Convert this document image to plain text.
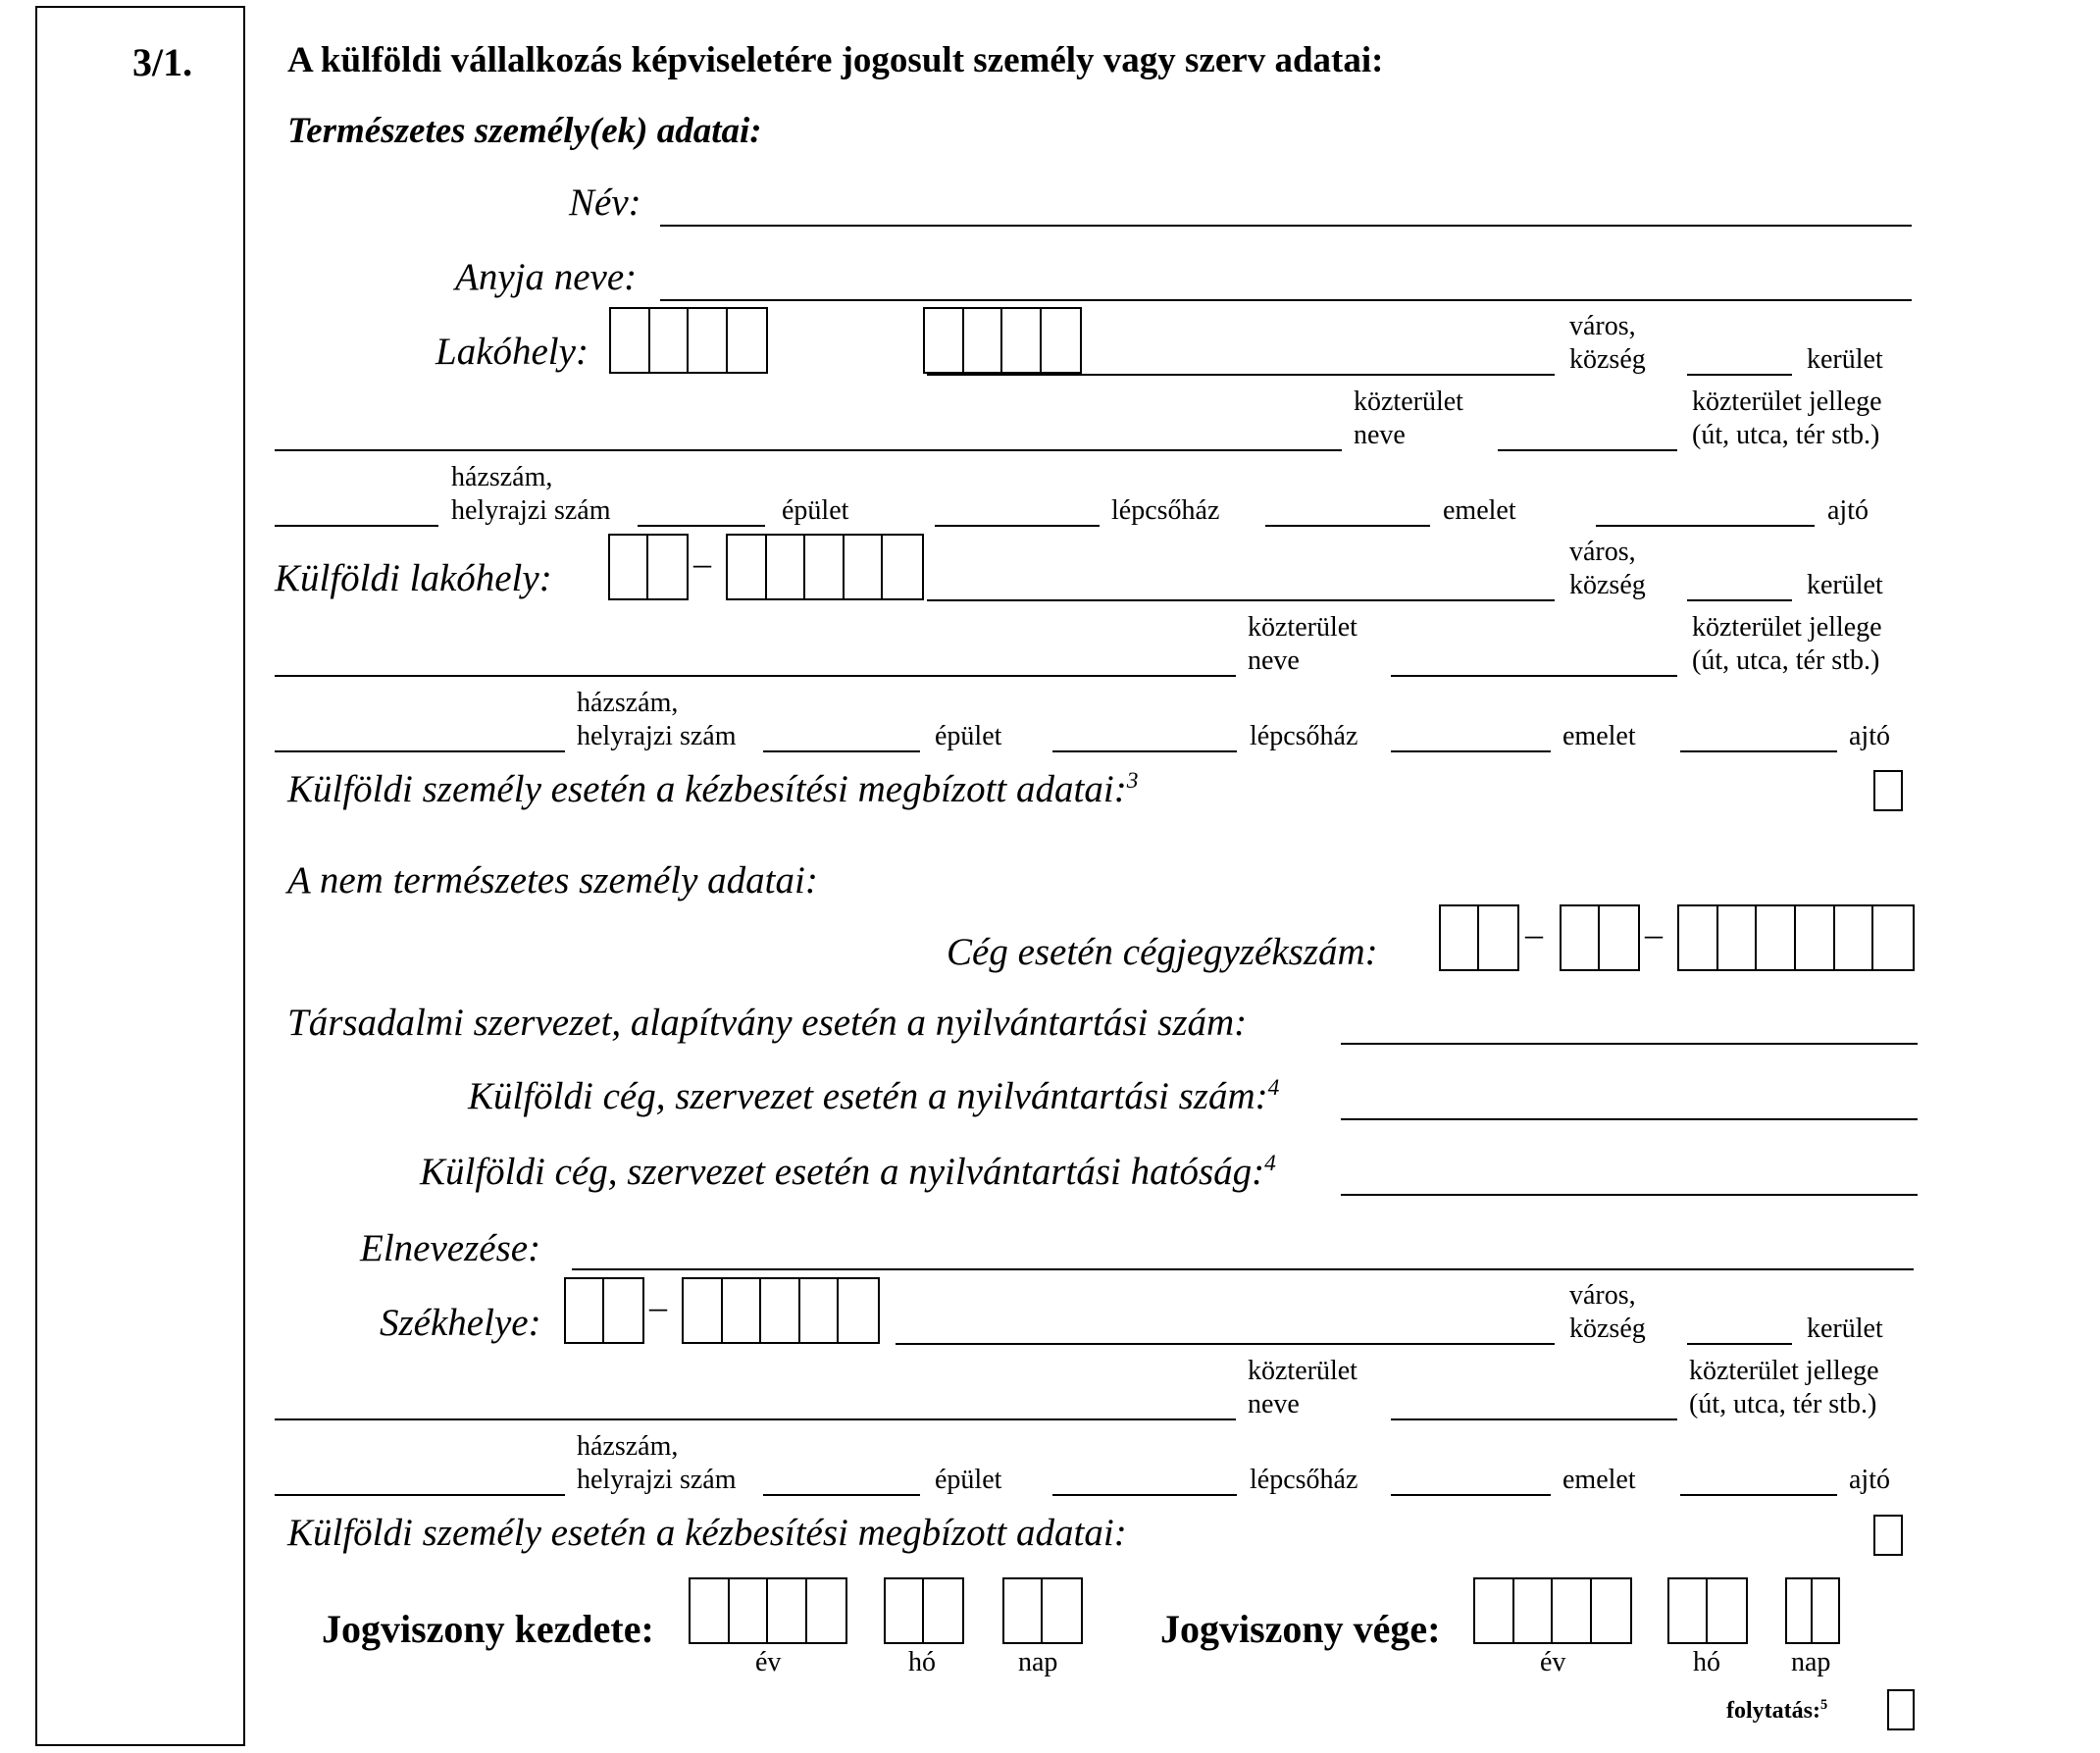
3/1.	A külföldi vállalkozás képviseletére jogosult személy vagy szerv adatai:
Természetes személy(ek) adatai:
Név:
Anyja neve:
Lakóhely:
város,
község	kerület
közterület
neve
közterület jellege
(út, utca, tér stb.)
házszám,
helyrajzi szám	épület	lépcsőház	emelet	ajtó
Külföldi lakóhely:	–	város,
község	kerület
közterület
neve
közterület jellege
(út, utca, tér stb.)
házszám,
helyrajzi szám	épület	lépcsőház	emelet	ajtó
Külföldi személy esetén a kézbesítési megbízott adatai:$^3$
A nem természetes személy adatai:
Cég esetén cégjegyzékszám:	–	–
Társadalmi szervezet, alapítvány esetén a nyilvántartási szám:
Külföldi cég, szervezet esetén a nyilvántartási szám:$^4$
Külföldi cég, szervezet esetén a nyilvántartási hatóság:$^4$
Elnevezése:
Székhelye:	–	város,
község	kerület
közterület
neve
közterület jellege
(út, utca, tér stb.)
házszám,
helyrajzi szám	épület	lépcsőház	emelet	ajtó
Külföldi személy esetén a kézbesítési megbízott adatai:
Jogviszony kezdete:
év	hó	nap
Jogviszony vége:
év	hó	nap
folytatás:$^5$
